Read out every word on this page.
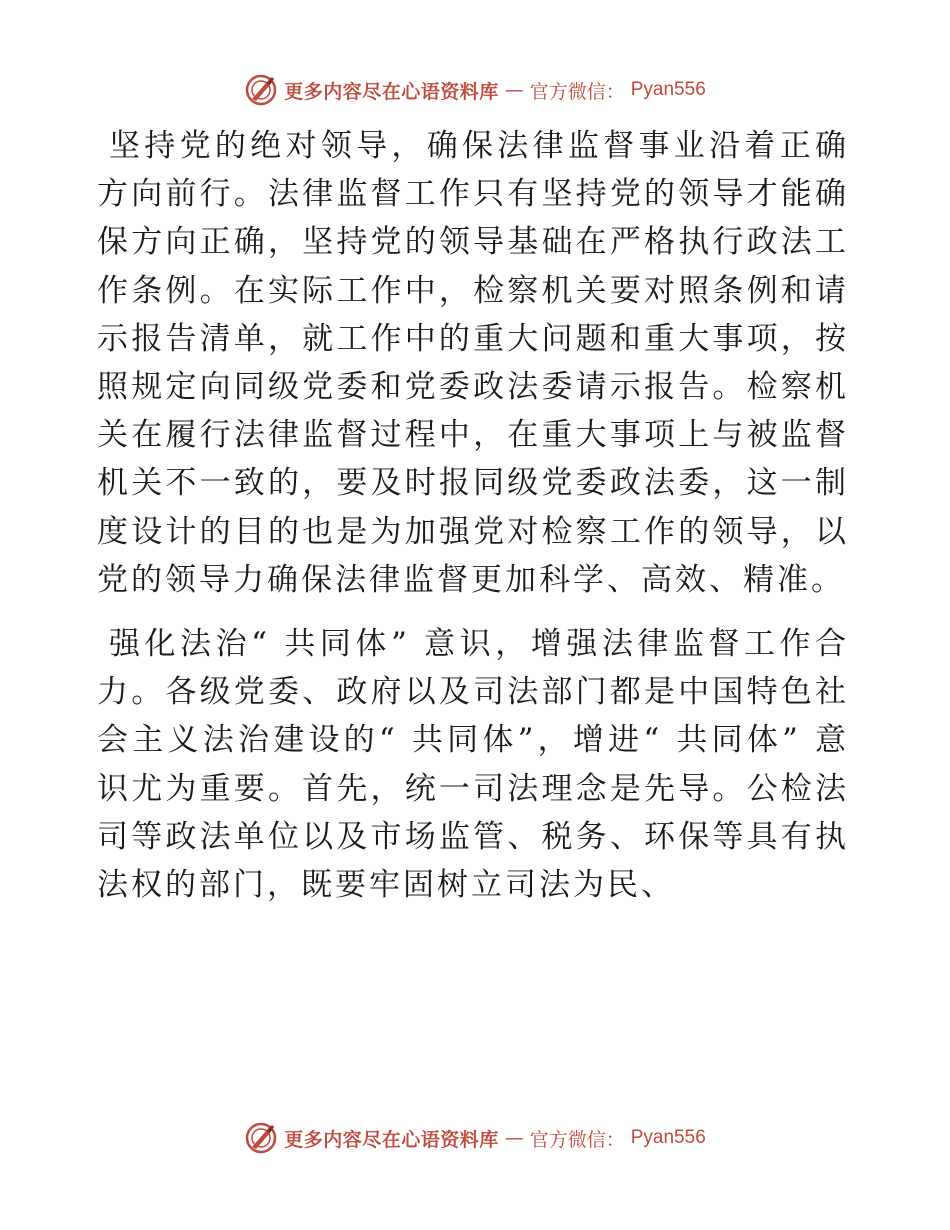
更多内容尽在心语资料库 — 官方微信： Pyan556

坚持党的绝对领导，确保法律监督事业沿着正确方向前行。法律监督工作只有坚持党的领导才能确保方向正确，坚持党的领导基础在严格执行政法工作条例。在实际工作中，检察机关要对照条例和请示报告清单，就工作中的重大问题和重大事项，按照规定向同级党委和党委政法委请示报告。检察机关在履行法律监督过程中，在重大事项上与被监督机关不一致的，要及时报同级党委政法委，这一制度设计的目的也是为加强党对检察工作的领导，以党的领导力确保法律监督更加科学、高效、精准。

强化法治“ 共同体” 意识，增强法律监督工作合力。各级党委、政府以及司法部门都是中国特色社会主义法治建设的“ 共同体”，增进“ 共同体” 意识尤为重要。首先，统一司法理念是先导。公检法司等政法单位以及市场监管、税务、环保等具有执法权的部门，既要牢固树立司法为民、

更多内容尽在心语资料库 — 官方微信： Pyan556
